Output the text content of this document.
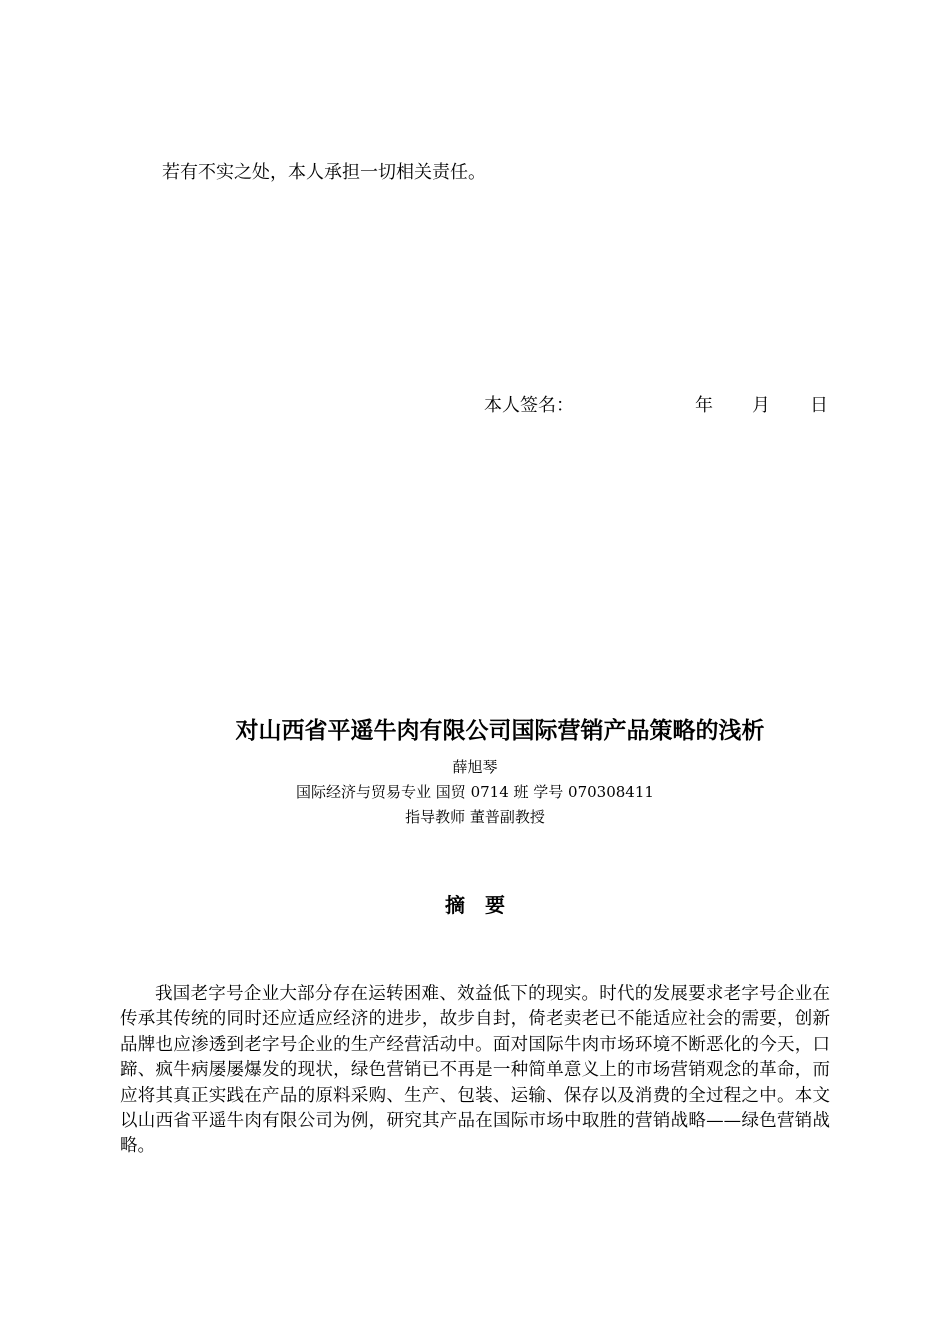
若有不实之处，本人承担一切相关责任。
本人签名：	年 月 日
对山西省平遥牛肉有限公司国际营销产品策略的浅析
薛旭琴
国际经济与贸易专业 国贸 0714 班 学号 070308411
指导教师 董普副教授
摘要

我国老字号企业大部分存在运转困难、效益低下的现实。时代的发展要求老字号企业在传承其传统的同时还应适应经济的进步，故步自封，倚老卖老已不能适应社会的需要，创新品牌也应渗透到老字号企业的生产经营活动中。面对国际牛肉市场环境不断恶化的今天，口蹄、疯牛病屡屡爆发的现状，绿色营销已不再是一种简单意义上的市场营销观念的革命，而应将其真正实践在产品的原料采购、生产、包装、运输、保存以及消费的全过程之中。本文以山西省平遥牛肉有限公司为例，研究其产品在国际市场中取胜的营销战略——绿色营销战略。
